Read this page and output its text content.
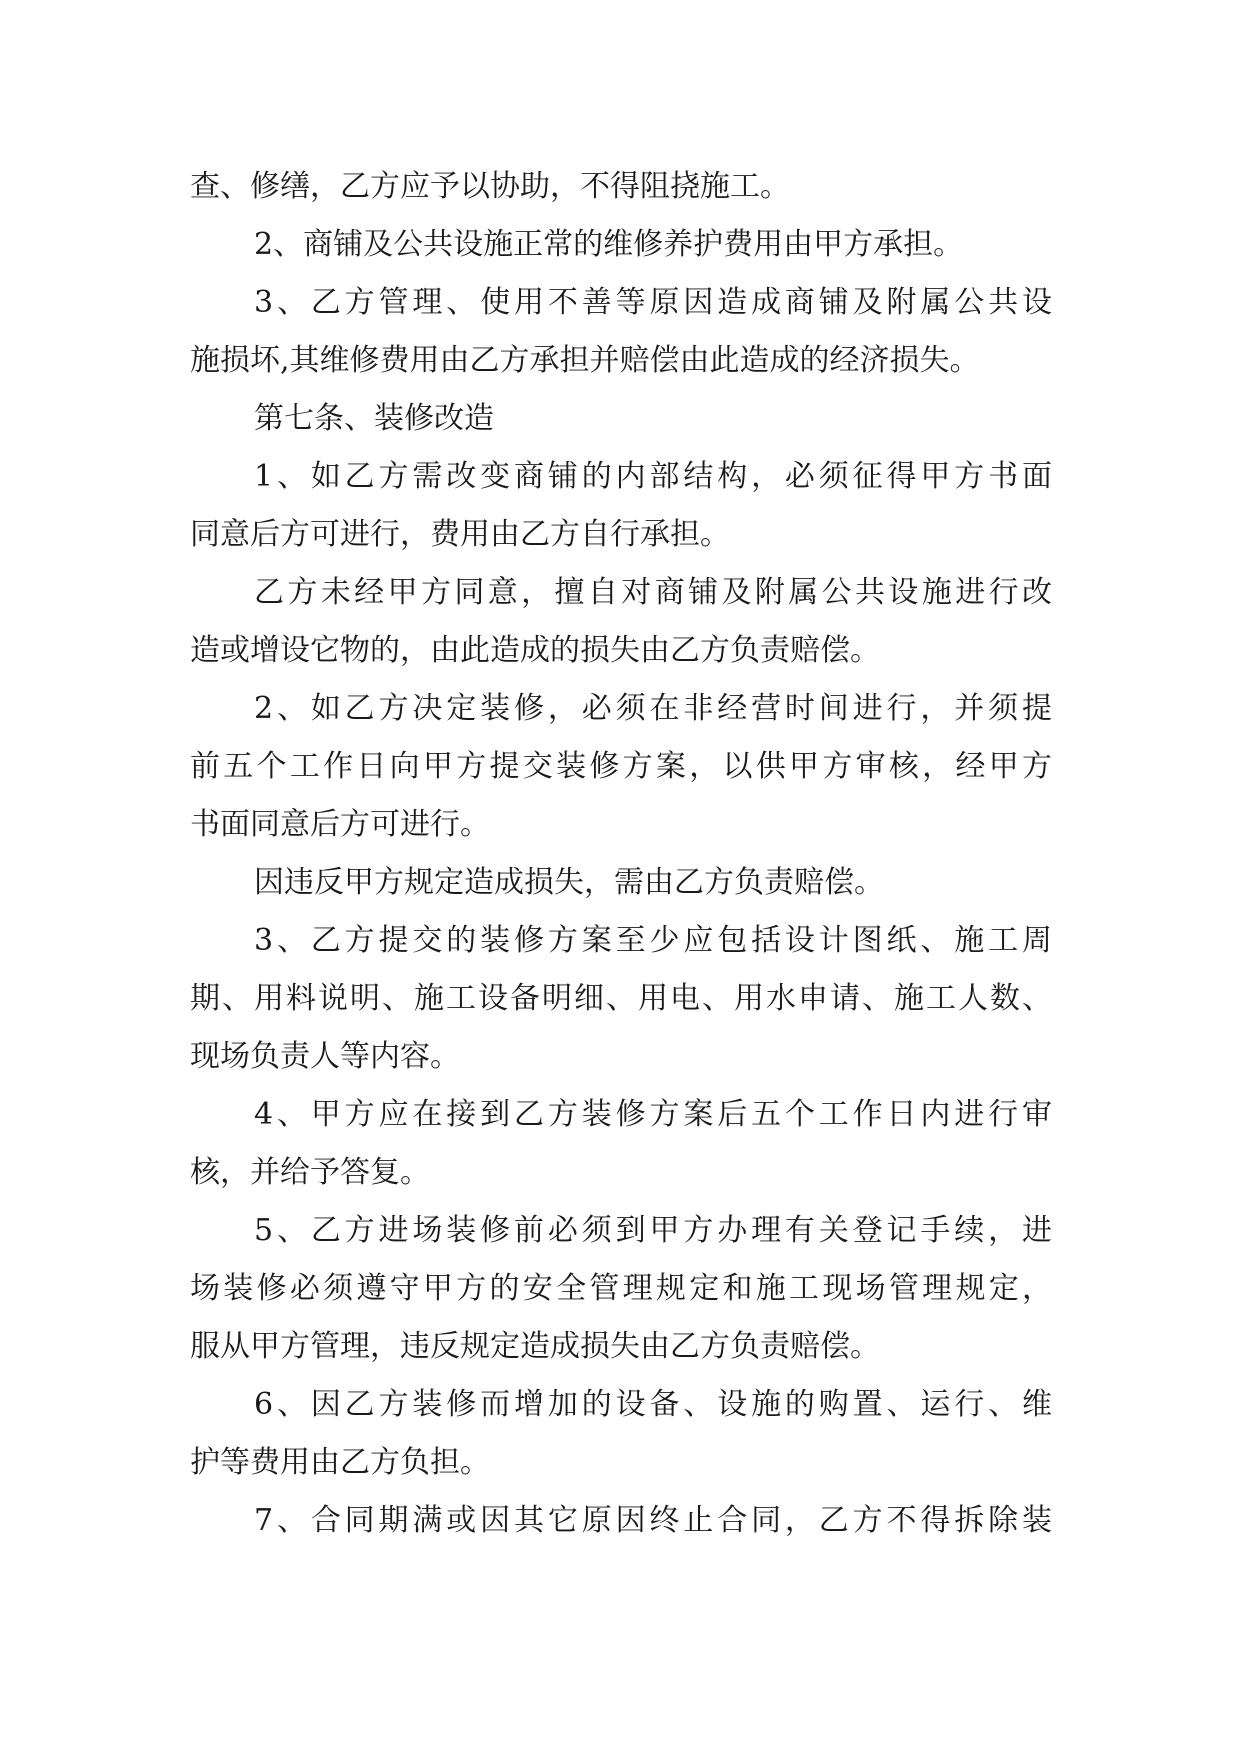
查、修缮，乙方应予以协助，不得阻挠施工。
2、商铺及公共设施正常的维修养护费用由甲方承担。
3、乙方管理、使用不善等原因造成商铺及附属公共设
施损坏,其维修费用由乙方承担并赔偿由此造成的经济损失。
第七条、装修改造
1、如乙方需改变商铺的内部结构，必须征得甲方书面
同意后方可进行，费用由乙方自行承担。
乙方未经甲方同意，擅自对商铺及附属公共设施进行改
造或增设它物的，由此造成的损失由乙方负责赔偿。
2、如乙方决定装修，必须在非经营时间进行，并须提
前五个工作日向甲方提交装修方案，以供甲方审核，经甲方
书面同意后方可进行。
因违反甲方规定造成损失，需由乙方负责赔偿。
3、乙方提交的装修方案至少应包括设计图纸、施工周
期、用料说明、施工设备明细、用电、用水申请、施工人数、
现场负责人等内容。
4、甲方应在接到乙方装修方案后五个工作日内进行审
核，并给予答复。
5、乙方进场装修前必须到甲方办理有关登记手续，进
场装修必须遵守甲方的安全管理规定和施工现场管理规定，
服从甲方管理，违反规定造成损失由乙方负责赔偿。
6、因乙方装修而增加的设备、设施的购置、运行、维
护等费用由乙方负担。
7、合同期满或因其它原因终止合同，乙方不得拆除装
